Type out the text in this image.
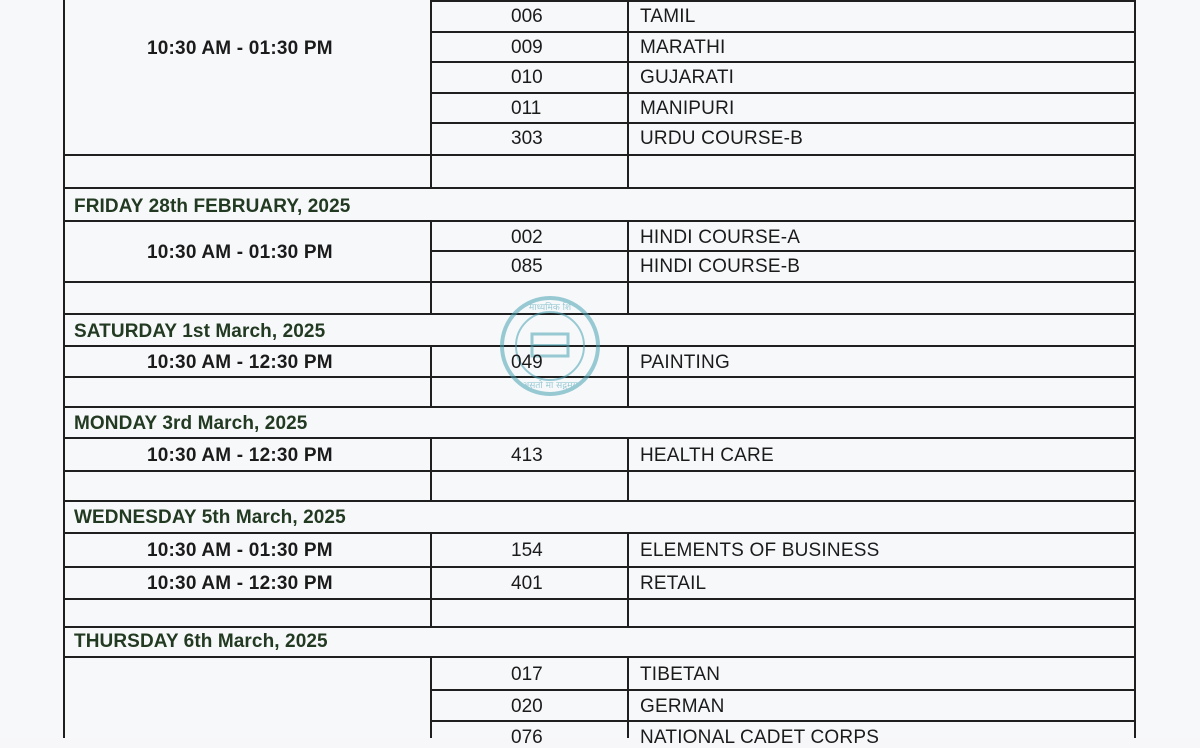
माध्यमिक शि
असतो मा सद्गमय
10:30 AM - 01:30 PM
006	TAMIL
009	MARATHI
010	GUJARATI
011	MANIPURI
303	URDU COURSE-B
FRIDAY 28th FEBRUARY, 2025
10:30 AM - 01:30 PM
002	HINDI COURSE-A
085	HINDI COURSE-B
SATURDAY 1st March, 2025
10:30 AM - 12:30 PM	049	PAINTING
MONDAY 3rd March, 2025
10:30 AM - 12:30 PM	413	HEALTH CARE
WEDNESDAY 5th March, 2025
10:30 AM - 01:30 PM	154	ELEMENTS OF BUSINESS
10:30 AM - 12:30 PM	401	RETAIL
THURSDAY 6th March, 2025
017	TIBETAN
020	GERMAN
076	NATIONAL CADET CORPS
